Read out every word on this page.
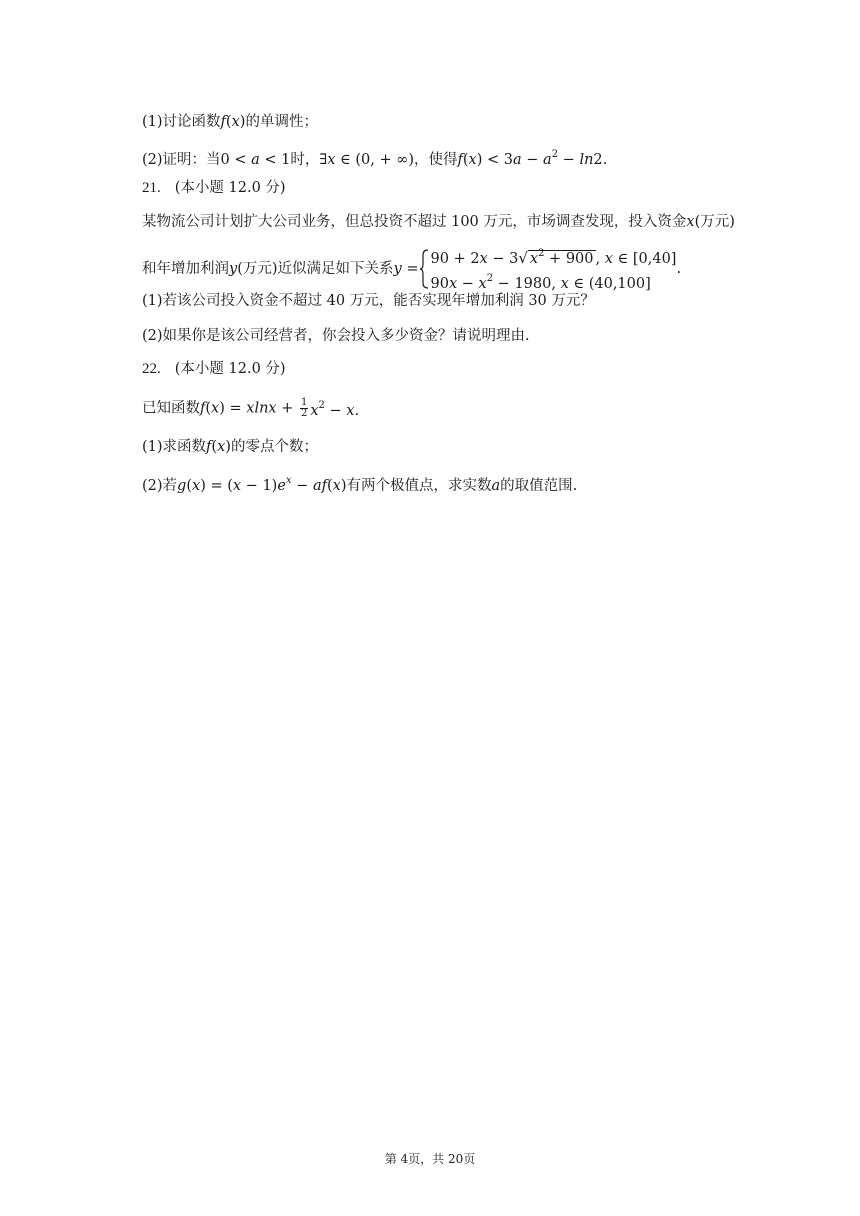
(1)讨论函数f(x)的单调性；
(2)证明：当0 < a < 1时，∃x ∈ (0, + ∞)，使得$f(x) < 3a - a^2 - \ln 2$.
21. (本小题 12.0 分)
某物流公司计划扩大公司业务，但总投资不超过 100 万元，市场调查发现，投入资金x(万元)
和年增加利润y(万元)近似满足如下关系y =
90 + 2x − 3√ $x^2 + 900$ , x ∈ [0,40]
$90x - x^2 - 1980$, x ∈ (40,100]
.
(1)若该公司投入资金不超过 40 万元，能否实现年增加利润 30 万元？
(2)如果你是该公司经营者，你会投入多少资金？请说明理由.
22. (本小题 12.0 分)
已知函数$f(x) = xlnx + \frac{1}{2} x^2 - x$.
(1)求函数f(x)的零点个数；
(2)若$g(x) = (x - 1)e^x - af(x)$有两个极值点，求实数a的取值范围.
第 4页，共 20页
